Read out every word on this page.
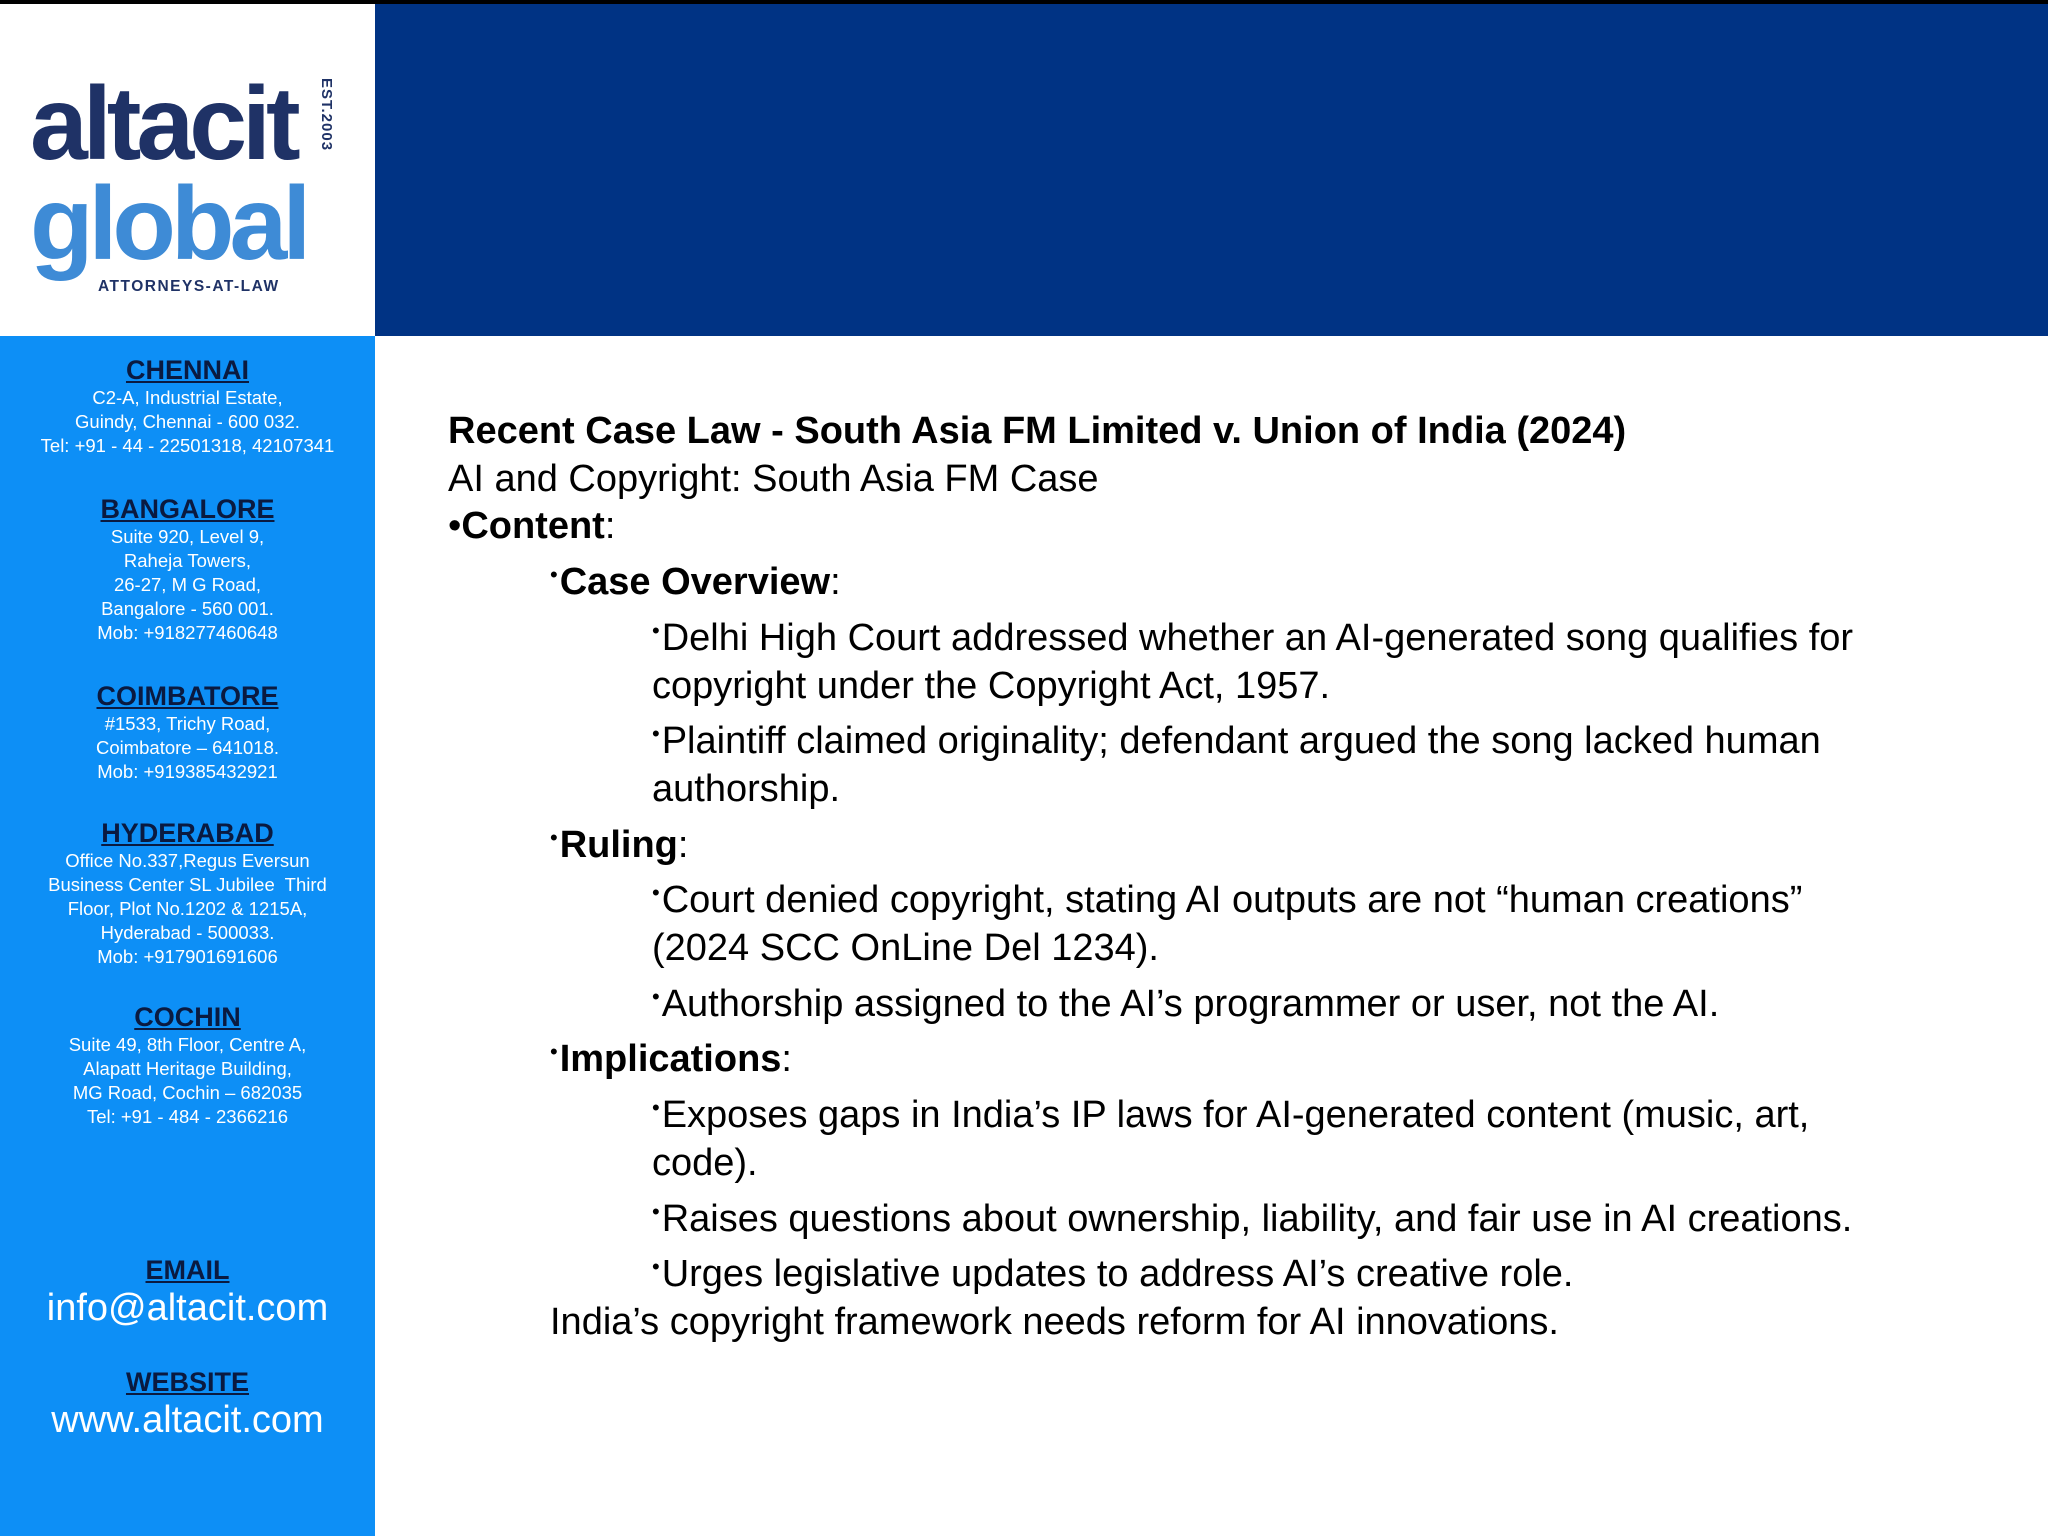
altacit
global
EST.2003
ATTORNEYS-AT-LAW
CHENNAI
C2-A, Industrial Estate,
Guindy, Chennai - 600 032.
Tel: +91 - 44 - 22501318, 42107341
BANGALORE
Suite 920, Level 9,
Raheja Towers,
26-27, M G Road,
Bangalore - 560 001.
Mob: +918277460648
COIMBATORE
#1533, Trichy Road,
Coimbatore – 641018.
Mob: +919385432921
HYDERABAD
Office No.337,Regus Eversun
Business Center SL Jubilee  Third
Floor, Plot No.1202 & 1215A,
Hyderabad - 500033.
Mob: +917901691606
COCHIN
Suite 49, 8th Floor, Centre A,
Alapatt Heritage Building,
MG Road, Cochin – 682035
Tel: +91 - 484 - 2366216
EMAIL
info@altacit.com
WEBSITE
www.altacit.com
Recent Case Law - South Asia FM Limited v. Union of India (2024)
AI and Copyright: South Asia FM Case
•Content:
•Case Overview:
•Delhi High Court addressed whether an AI-generated song qualifies for
copyright under the Copyright Act, 1957.
•Plaintiff claimed originality; defendant argued the song lacked human
authorship.
•Ruling:
•Court denied copyright, stating AI outputs are not “human creations”
(2024 SCC OnLine Del 1234).
•Authorship assigned to the AI’s programmer or user, not the AI.
•Implications:
•Exposes gaps in India’s IP laws for AI-generated content (music, art,
code).
•Raises questions about ownership, liability, and fair use in AI creations.
•Urges legislative updates to address AI’s creative role.
India’s copyright framework needs reform for AI innovations.
